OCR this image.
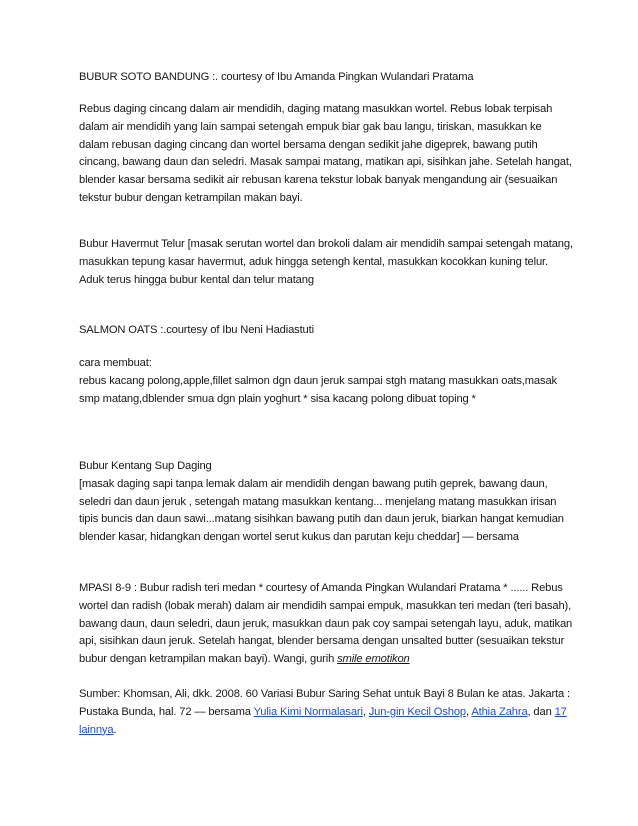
BUBUR SOTO BANDUNG :. courtesy of Ibu Amanda Pingkan Wulandari Pratama

Rebus daging cincang dalam air mendidih, daging matang masukkan wortel. Rebus lobak terpisah dalam air mendidih yang lain sampai setengah empuk biar gak bau langu, tiriskan, masukkan ke dalam rebusan daging cincang dan wortel bersama dengan sedikit jahe digeprek, bawang putih cincang, bawang daun dan seledri. Masak sampai matang, matikan api, sisihkan jahe. Setelah hangat, blender kasar bersama sedikit air rebusan karena tekstur lobak banyak mengandung air (sesuaikan tekstur bubur dengan ketrampilan makan bayi.

Bubur Havermut Telur [masak serutan wortel dan brokoli dalam air mendidih sampai setengah matang, masukkan tepung kasar havermut, aduk hingga setengh kental, masukkan kocokkan kuning telur. Aduk terus hingga bubur kental dan telur matang

SALMON OATS :.courtesy of Ibu Neni Hadiastuti

cara membuat:
rebus kacang polong,apple,fillet salmon dgn daun jeruk sampai stgh matang masukkan oats,masak smp matang,dblender smua dgn plain yoghurt * sisa kacang polong dibuat toping *
Bubur Kentang Sup Daging
[masak daging sapi tanpa lemak dalam air mendidih dengan bawang putih geprek, bawang daun, seledri dan daun jeruk , setengah matang masukkan kentang... menjelang matang masukkan irisan tipis buncis dan daun sawi...matang sisihkan bawang putih dan daun jeruk, biarkan hangat kemudian blender kasar, hidangkan dengan wortel serut kukus dan parutan keju cheddar] — bersama

MPASI 8-9 : Bubur radish teri medan * courtesy of Amanda Pingkan Wulandari Pratama * ...... Rebus wortel dan radish (lobak merah) dalam air mendidih sampai empuk, masukkan teri medan (teri basah), bawang daun, daun seledri, daun jeruk, masukkan daun pak coy sampai setengah layu, aduk, matikan api, sisihkan daun jeruk. Setelah hangat, blender bersama dengan unsalted butter (sesuaikan tekstur bubur dengan ketrampilan makan bayi). Wangi, gurih smile emotikon

Sumber: Khomsan, Ali, dkk. 2008. 60 Variasi Bubur Saring Sehat untuk Bayi 8 Bulan ke atas. Jakarta : Pustaka Bunda, hal. 72 — bersama Yulia Kimi Normalasari, Jun-gin Kecil Oshop, Athia Zahra, dan 17 lainnya.
